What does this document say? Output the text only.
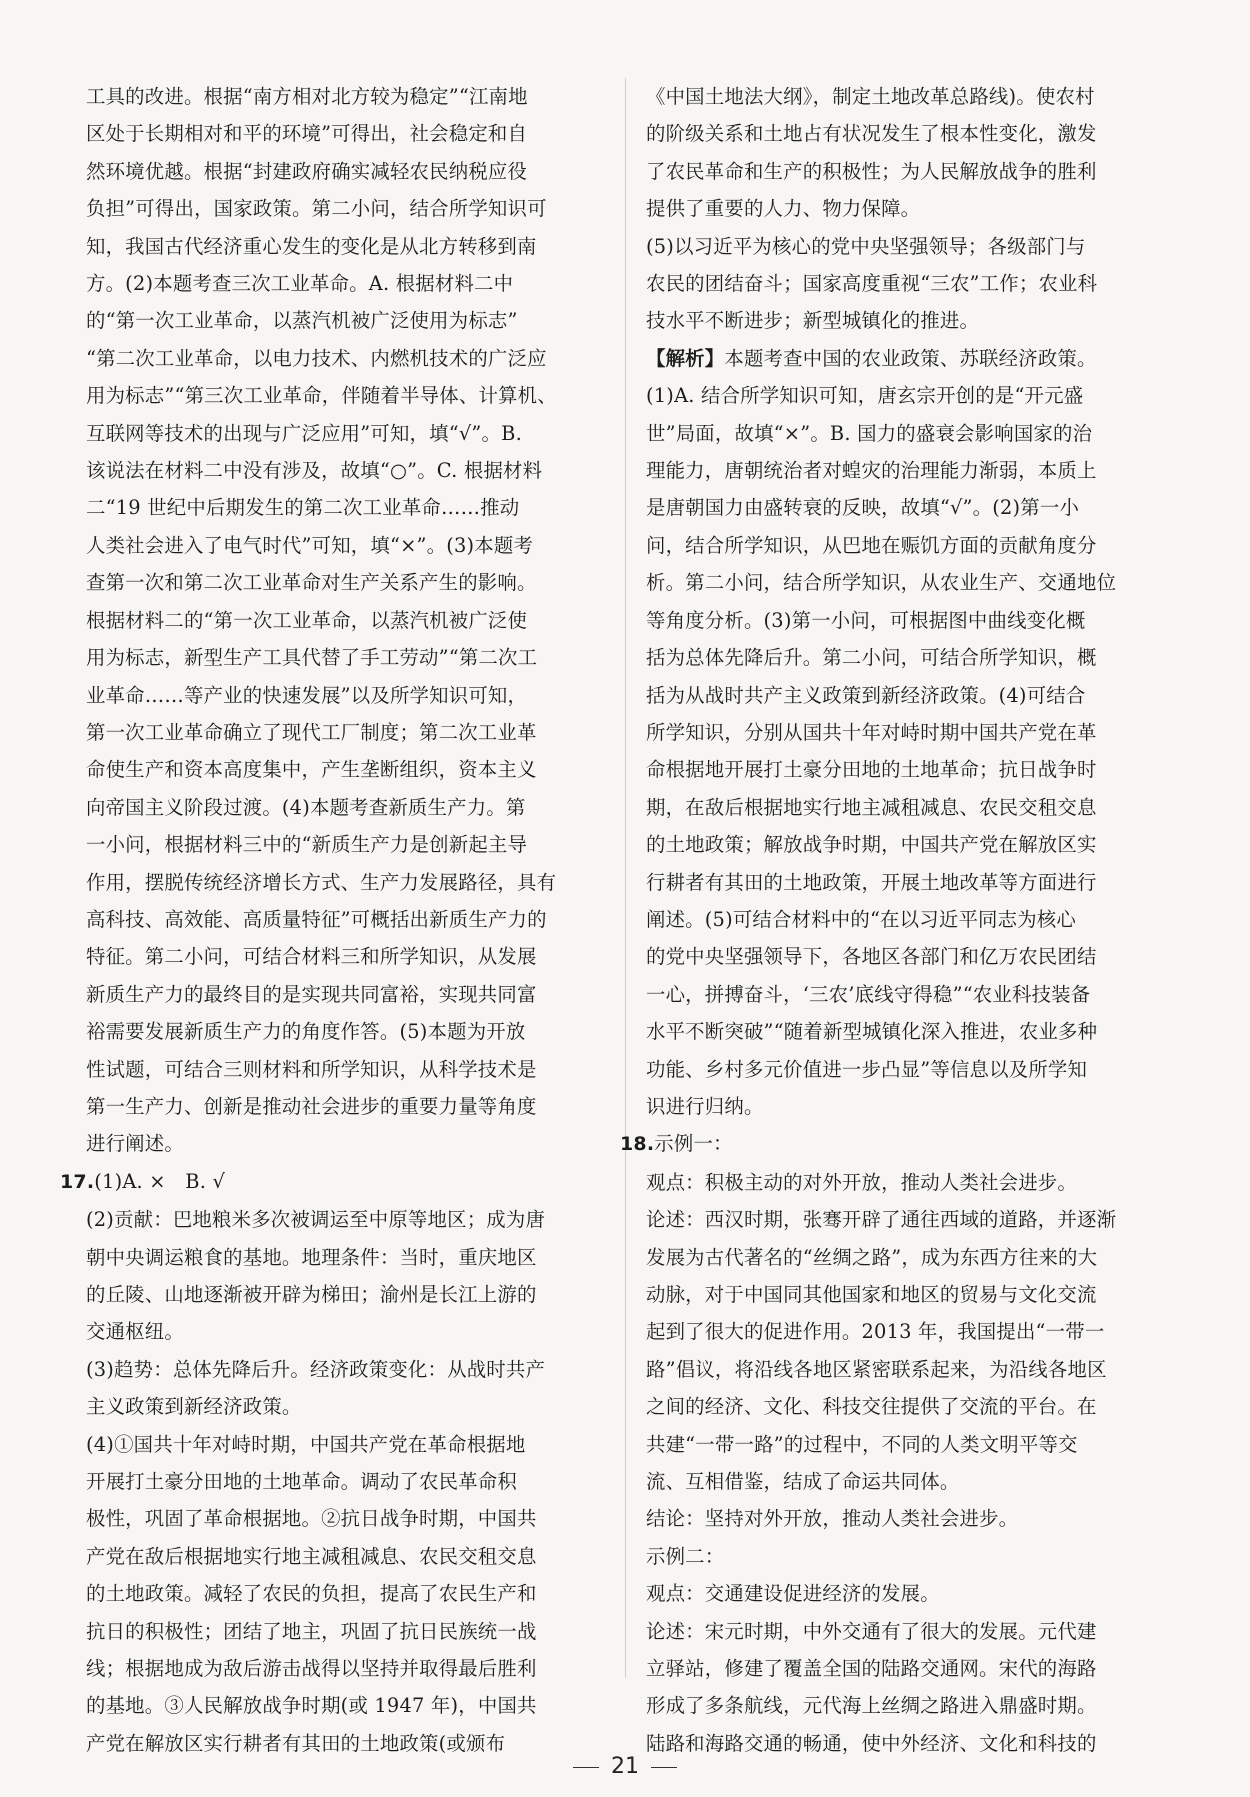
工具的改进。根据“南方相对北方较为稳定”“江南地
区处于长期相对和平的环境”可得出，社会稳定和自
然环境优越。根据“封建政府确实减轻农民纳税应役
负担”可得出，国家政策。第二小问，结合所学知识可
知，我国古代经济重心发生的变化是从北方转移到南
方。(2)本题考查三次工业革命。A. 根据材料二中
的“第一次工业革命，以蒸汽机被广泛使用为标志”
“第二次工业革命，以电力技术、内燃机技术的广泛应
用为标志”“第三次工业革命，伴随着半导体、计算机、
互联网等技术的出现与广泛应用”可知，填“√”。B.
该说法在材料二中没有涉及，故填“○”。C. 根据材料
二“19 世纪中后期发生的第二次工业革命……推动
人类社会进入了电气时代”可知，填“×”。(3)本题考
查第一次和第二次工业革命对生产关系产生的影响。
根据材料二的“第一次工业革命，以蒸汽机被广泛使
用为标志，新型生产工具代替了手工劳动”“第二次工
业革命……等产业的快速发展”以及所学知识可知，
第一次工业革命确立了现代工厂制度；第二次工业革
命使生产和资本高度集中，产生垄断组织，资本主义
向帝国主义阶段过渡。(4)本题考查新质生产力。第
一小问，根据材料三中的“新质生产力是创新起主导
作用，摆脱传统经济增长方式、生产力发展路径，具有
高科技、高效能、高质量特征”可概括出新质生产力的
特征。第二小问，可结合材料三和所学知识，从发展
新质生产力的最终目的是实现共同富裕，实现共同富
裕需要发展新质生产力的角度作答。(5)本题为开放
性试题，可结合三则材料和所学知识，从科学技术是
第一生产力、创新是推动社会进步的重要力量等角度
进行阐述。
17.(1)A. ×　B. √
(2)贡献：巴地粮米多次被调运至中原等地区；成为唐
朝中央调运粮食的基地。地理条件：当时，重庆地区
的丘陵、山地逐渐被开辟为梯田；渝州是长江上游的
交通枢纽。
(3)趋势：总体先降后升。经济政策变化：从战时共产
主义政策到新经济政策。
(4)①国共十年对峙时期，中国共产党在革命根据地
开展打土豪分田地的土地革命。调动了农民革命积
极性，巩固了革命根据地。②抗日战争时期，中国共
产党在敌后根据地实行地主减租减息、农民交租交息
的土地政策。减轻了农民的负担，提高了农民生产和
抗日的积极性；团结了地主，巩固了抗日民族统一战
线；根据地成为敌后游击战得以坚持并取得最后胜利
的基地。③人民解放战争时期(或 1947 年)，中国共
产党在解放区实行耕者有其田的土地政策(或颁布
《中国土地法大纲》，制定土地改革总路线)。使农村
的阶级关系和土地占有状况发生了根本性变化，激发
了农民革命和生产的积极性；为人民解放战争的胜利
提供了重要的人力、物力保障。
(5)以习近平为核心的党中央坚强领导；各级部门与
农民的团结奋斗；国家高度重视“三农”工作；农业科
技水平不断进步；新型城镇化的推进。
【解析】本题考查中国的农业政策、苏联经济政策。
(1)A. 结合所学知识可知，唐玄宗开创的是“开元盛
世”局面，故填“×”。B. 国力的盛衰会影响国家的治
理能力，唐朝统治者对蝗灾的治理能力渐弱，本质上
是唐朝国力由盛转衰的反映，故填“√”。(2)第一小
问，结合所学知识，从巴地在赈饥方面的贡献角度分
析。第二小问，结合所学知识，从农业生产、交通地位
等角度分析。(3)第一小问，可根据图中曲线变化概
括为总体先降后升。第二小问，可结合所学知识，概
括为从战时共产主义政策到新经济政策。(4)可结合
所学知识，分别从国共十年对峙时期中国共产党在革
命根据地开展打土豪分田地的土地革命；抗日战争时
期，在敌后根据地实行地主减租减息、农民交租交息
的土地政策；解放战争时期，中国共产党在解放区实
行耕者有其田的土地政策，开展土地改革等方面进行
阐述。(5)可结合材料中的“在以习近平同志为核心
的党中央坚强领导下，各地区各部门和亿万农民团结
一心，拼搏奋斗，‘三农’底线守得稳”“农业科技装备
水平不断突破”“随着新型城镇化深入推进，农业多种
功能、乡村多元价值进一步凸显”等信息以及所学知
识进行归纳。
18.示例一：
观点：积极主动的对外开放，推动人类社会进步。
论述：西汉时期，张骞开辟了通往西域的道路，并逐渐
发展为古代著名的“丝绸之路”，成为东西方往来的大
动脉，对于中国同其他国家和地区的贸易与文化交流
起到了很大的促进作用。2013 年，我国提出“一带一
路”倡议，将沿线各地区紧密联系起来，为沿线各地区
之间的经济、文化、科技交往提供了交流的平台。在
共建“一带一路”的过程中，不同的人类文明平等交
流、互相借鉴，结成了命运共同体。
结论：坚持对外开放，推动人类社会进步。
示例二：
观点：交通建设促进经济的发展。
论述：宋元时期，中外交通有了很大的发展。元代建
立驿站，修建了覆盖全国的陆路交通网。宋代的海路
形成了多条航线，元代海上丝绸之路进入鼎盛时期。
陆路和海路交通的畅通，使中外经济、文化和科技的
21
